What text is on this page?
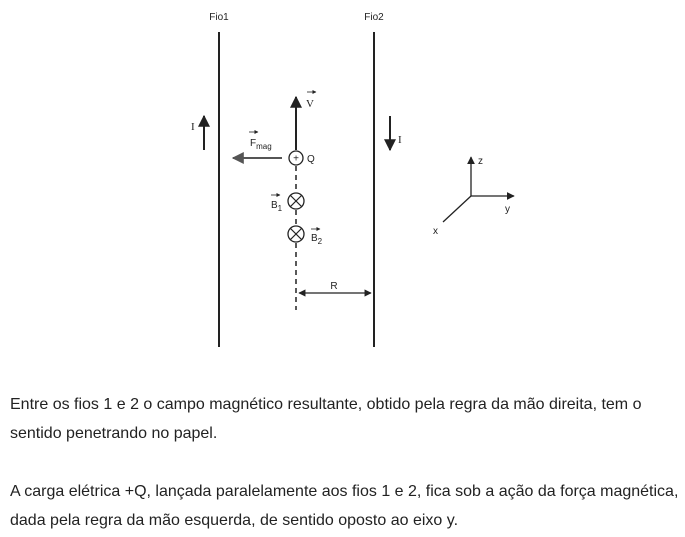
Fio1	Fio2
I
I
V
$F_{mag}$
+ Q
$B_1$
$B_2$
R
z
y
x

Entre os fios 1 e 2 o campo magnético resultante, obtido pela regra da mão direita, tem o sentido penetrando no papel.

A carga elétrica +Q, lançada paralelamente aos fios 1 e 2, fica sob a ação da força magnética, dada pela regra da mão esquerda, de sentido oposto ao eixo y.
